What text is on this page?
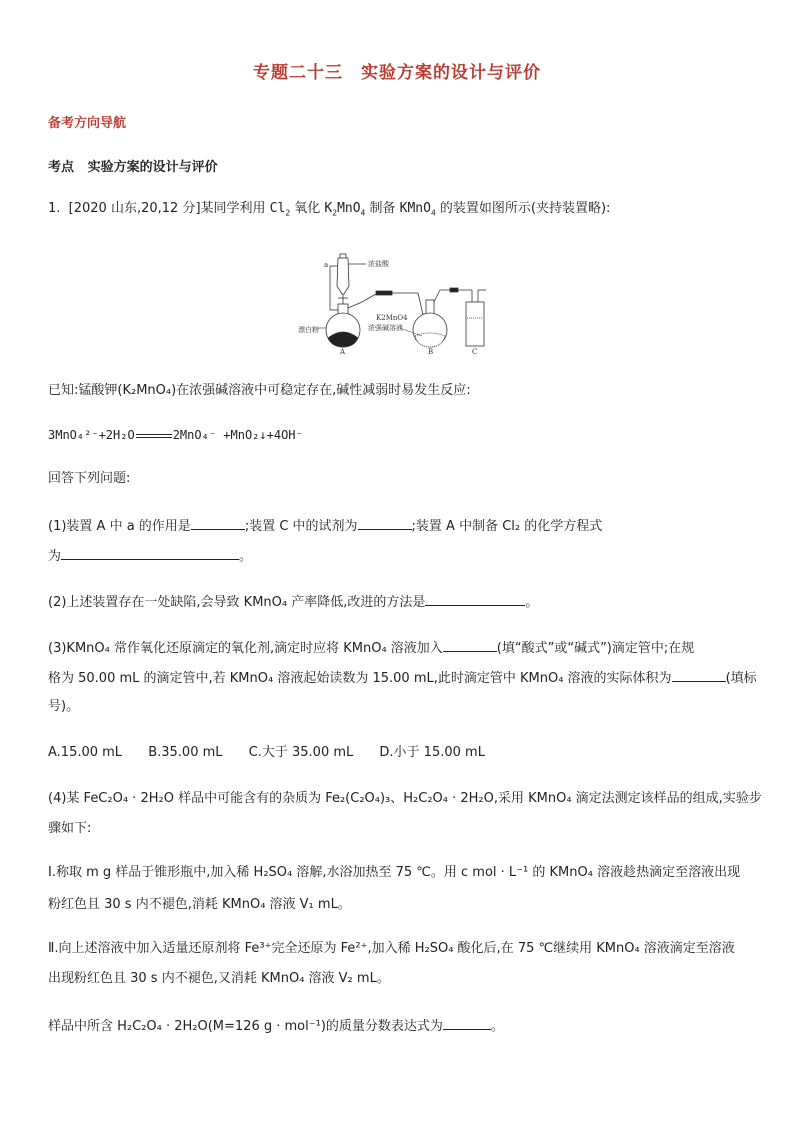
专题二十三　实验方案的设计与评价
备考方向导航
考点 实验方案的设计与评价
1. [2020 山东,20,12 分]某同学利用 $Cl_2$ 氧化 $K_2MnO_4$ 制备 KMnO$_4$ 的装置如图所示(夹持装置略):
a	浓盐酸
漂白粉
A
K2MnO4
浓强碱溶液
B	C
已知:锰酸钾(K₂MnO₄)在浓强碱溶液中可稳定存在,碱性减弱时易发生反应:
3MnO₄²⁻+2H₂O	2MnO₄⁻ +MnO₂↓+4OH⁻
回答下列问题:
(1)装置 A 中 a 的作用是	;装置 C 中的试剂为	;装置 A 中制备 Cl₂ 的化学方程式
为	。
(2)上述装置存在一处缺陷,会导致 KMnO₄ 产率降低,改进的方法是	。
(3)KMnO₄ 常作氧化还原滴定的氧化剂,滴定时应将 KMnO₄ 溶液加入	(填“酸式”或“碱式”)滴定管中;在规
格为 50.00 mL 的滴定管中,若 KMnO₄ 溶液起始读数为 15.00 mL,此时滴定管中 KMnO₄ 溶液的实际体积为	(填标
号)。
A.15.00 mL B.35.00 mL C.大于 35.00 mL D.小于 15.00 mL
(4)某 FeC₂O₄ · 2H₂O 样品中可能含有的杂质为 Fe₂(C₂O₄)₃、H₂C₂O₄ · 2H₂O,采用 KMnO₄ 滴定法测定该样品的组成,实验步
骤如下:
Ⅰ.称取 m g 样品于锥形瓶中,加入稀 H₂SO₄ 溶解,水浴加热至 75 ℃。用 c mol · L⁻¹ 的 KMnO₄ 溶液趁热滴定至溶液出现
粉红色且 30 s 内不褪色,消耗 KMnO₄ 溶液 V₁ mL。
Ⅱ.向上述溶液中加入适量还原剂将 Fe³⁺完全还原为 Fe²⁺,加入稀 H₂SO₄ 酸化后,在 75 ℃继续用 KMnO₄ 溶液滴定至溶液
出现粉红色且 30 s 内不褪色,又消耗 KMnO₄ 溶液 V₂ mL。
样品中所含 H₂C₂O₄ · 2H₂O(M=126 g · mol⁻¹)的质量分数表达式为	。
